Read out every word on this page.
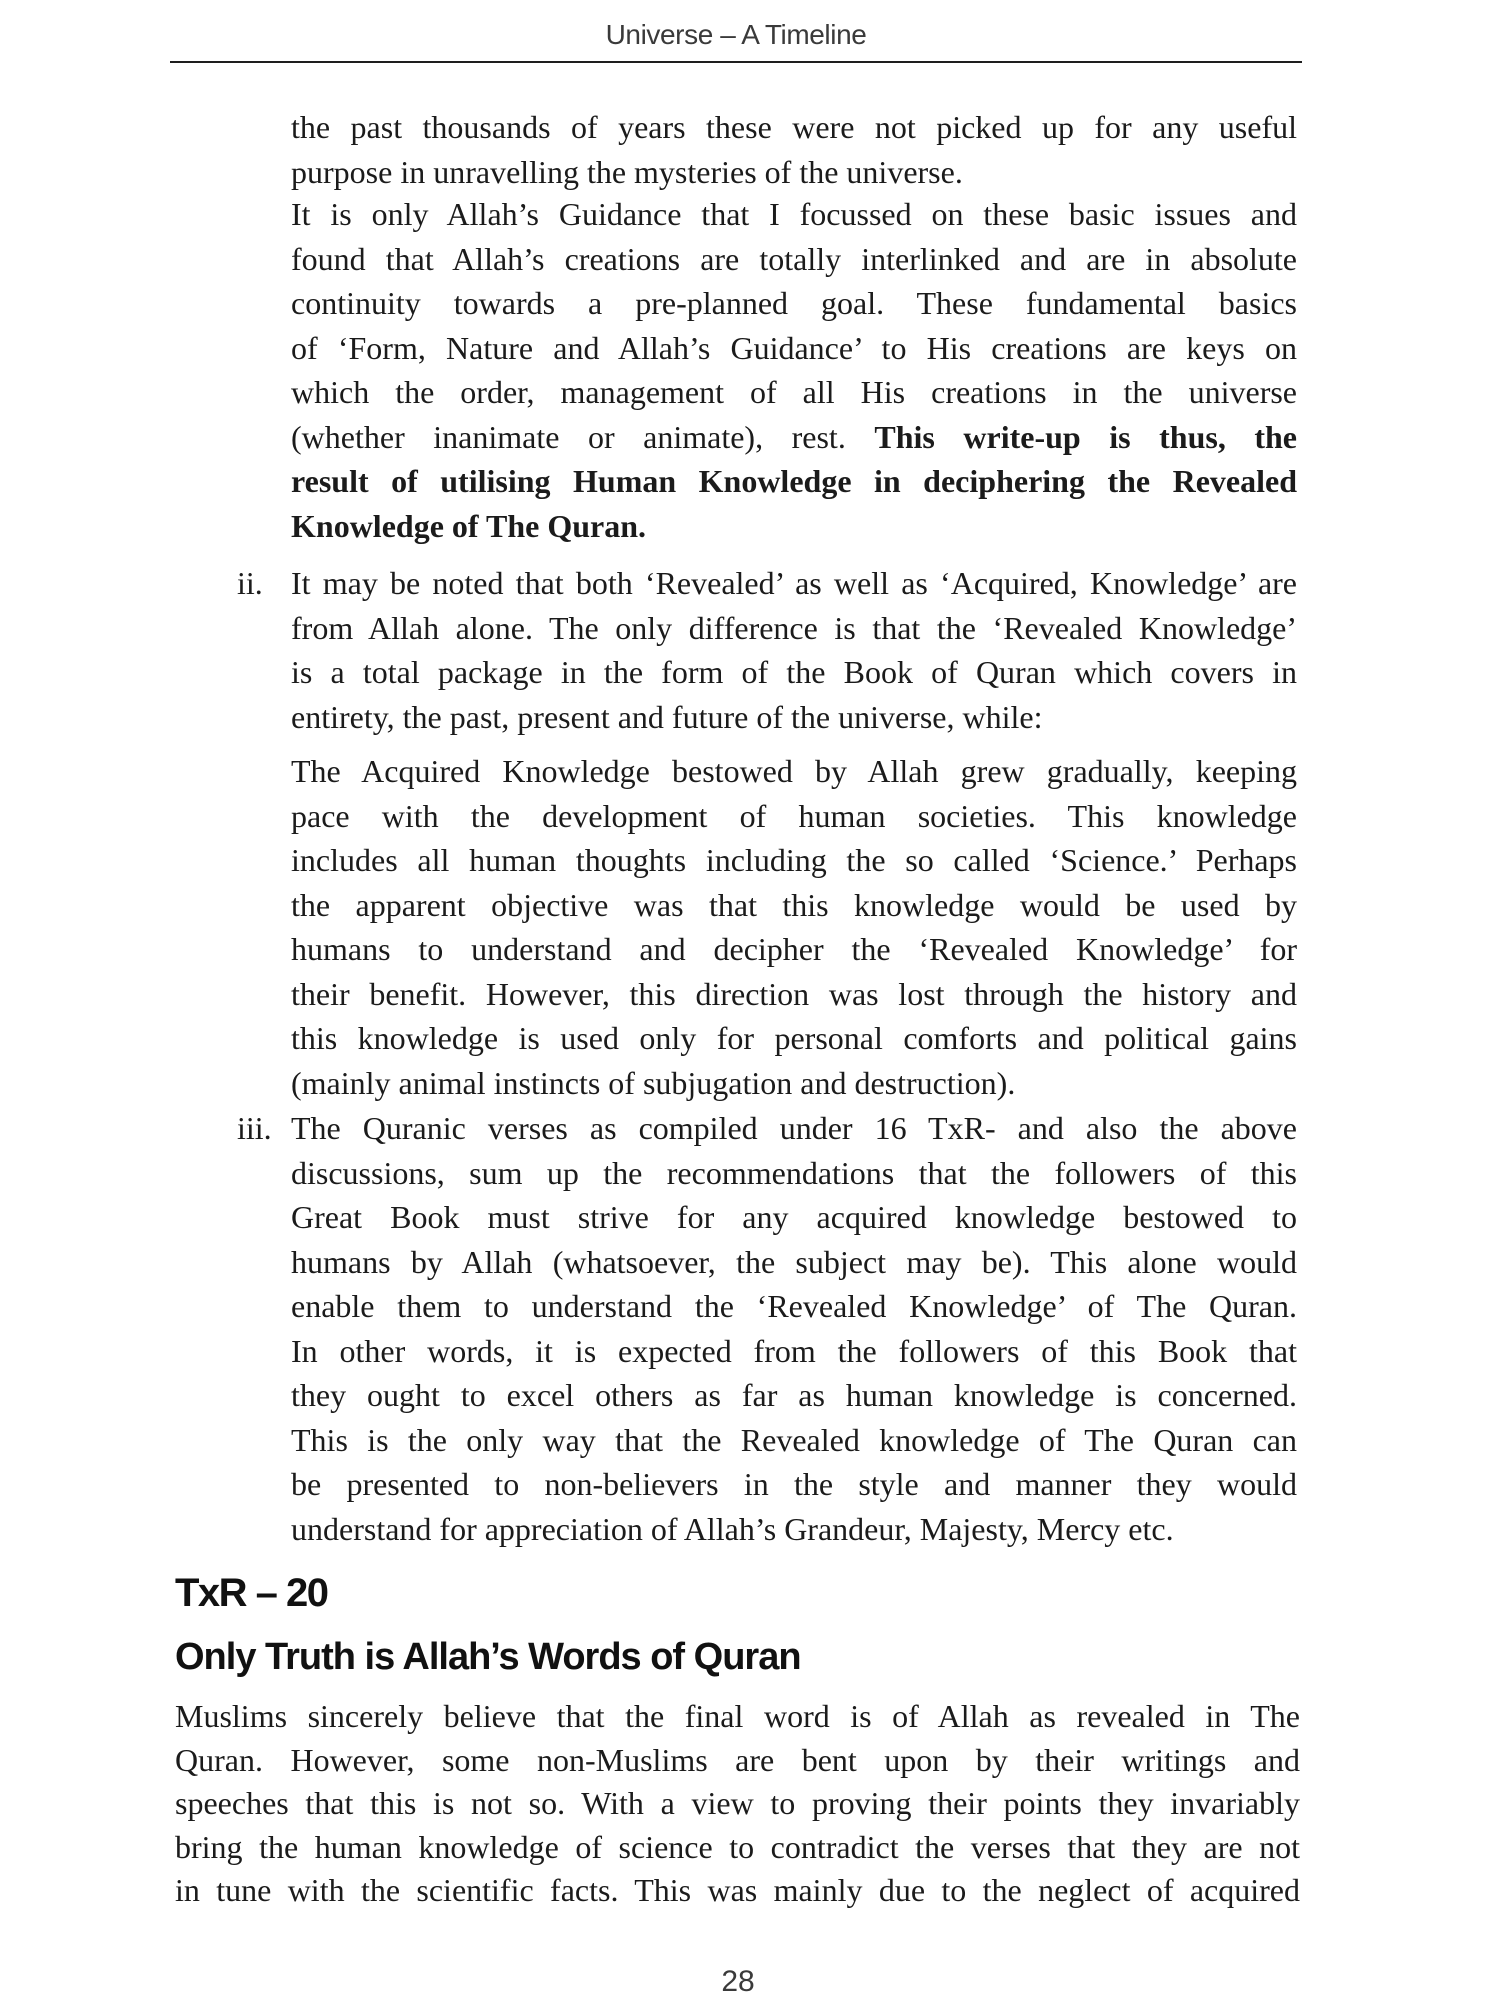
Universe – A Timeline
the past thousands of years these were not picked up for any useful
purpose in unravelling the mysteries of the universe.
It is only Allah’s Guidance that I focussed on these basic issues and
found that Allah’s creations are totally interlinked and are in absolute
continuity towards a pre-planned goal. These fundamental basics
of ‘Form, Nature and Allah’s Guidance’ to His creations are keys on
which the order, management of all His creations in the universe
(whether inanimate or animate), rest. This write-up is thus, the
result of utilising Human Knowledge in deciphering the Revealed
Knowledge of The Quran.
ii. It may be noted that both ‘Revealed’ as well as ‘Acquired, Knowledge’ are
from Allah alone. The only difference is that the ‘Revealed Knowledge’
is a total package in the form of the Book of Quran which covers in
entirety, the past, present and future of the universe, while:
The Acquired Knowledge bestowed by Allah grew gradually, keeping
pace with the development of human societies. This knowledge
includes all human thoughts including the so called ‘Science.’ Perhaps
the apparent objective was that this knowledge would be used by
humans to understand and decipher the ‘Revealed Knowledge’ for
their benefit. However, this direction was lost through the history and
this knowledge is used only for personal comforts and political gains
(mainly animal instincts of subjugation and destruction).
iii. The Quranic verses as compiled under 16 TxR- and also the above
discussions, sum up the recommendations that the followers of this
Great Book must strive for any acquired knowledge bestowed to
humans by Allah (whatsoever, the subject may be). This alone would
enable them to understand the ‘Revealed Knowledge’ of The Quran.
In other words, it is expected from the followers of this Book that
they ought to excel others as far as human knowledge is concerned.
This is the only way that the Revealed knowledge of The Quran can
be presented to non-believers in the style and manner they would
understand for appreciation of Allah’s Grandeur, Majesty, Mercy etc.
TxR – 20
Only Truth is Allah’s Words of Quran
Muslims sincerely believe that the final word is of Allah as revealed in The
Quran. However, some non-Muslims are bent upon by their writings and
speeches that this is not so. With a view to proving their points they invariably
bring the human knowledge of science to contradict the verses that they are not
in tune with the scientific facts. This was mainly due to the neglect of acquired
28
